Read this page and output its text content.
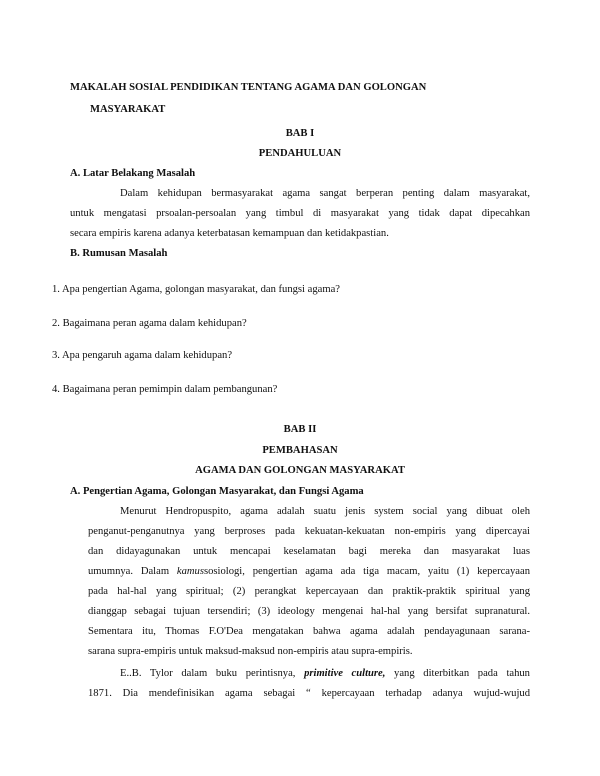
MAKALAH SOSIAL PENDIDIKAN TENTANG AGAMA DAN GOLONGAN
MASYARAKAT
BAB I
PENDAHULUAN
A. Latar Belakang Masalah
Dalam kehidupan bermasyarakat agama sangat berperan penting dalam masyarakat,
untuk mengatasi prsoalan-persoalan yang timbul di masyarakat yang tidak dapat dipecahkan
secara empiris karena adanya keterbatasan kemampuan dan ketidakpastian.
B. Rumusan Masalah
1. Apa pengertian Agama, golongan masyarakat, dan fungsi agama?
2. Bagaimana peran agama dalam kehidupan?
3. Apa pengaruh agama dalam kehidupan?
4. Bagaimana peran pemimpin dalam pembangunan?
BAB II
PEMBAHASAN
AGAMA DAN GOLONGAN MASYARAKAT
A. Pengertian Agama, Golongan Masyarakat, dan Fungsi Agama
Menurut Hendropuspito, agama adalah suatu jenis system social yang dibuat oleh
penganut-penganutnya yang berproses pada kekuatan-kekuatan non-empiris yang dipercayai
dan didayagunakan untuk mencapai keselamatan bagi mereka dan masyarakat luas
umumnya. Dalam kamussosiologi, pengertian agama ada tiga macam, yaitu (1) kepercayaan
pada hal-hal yang spiritual; (2) perangkat kepercayaan dan praktik-praktik spiritual yang
dianggap sebagai tujuan tersendiri; (3) ideology mengenai hal-hal yang bersifat supranatural.
Sementara itu, Thomas F.O'Dea mengatakan bahwa agama adalah pendayagunaan sarana-
sarana supra-empiris untuk maksud-maksud non-empiris atau supra-empiris.
E..B. Tylor dalam buku perintisnya, primitive culture, yang diterbitkan pada tahun
1871. Dia mendefinisikan agama sebagai “ kepercayaan terhadap adanya wujud-wujud
